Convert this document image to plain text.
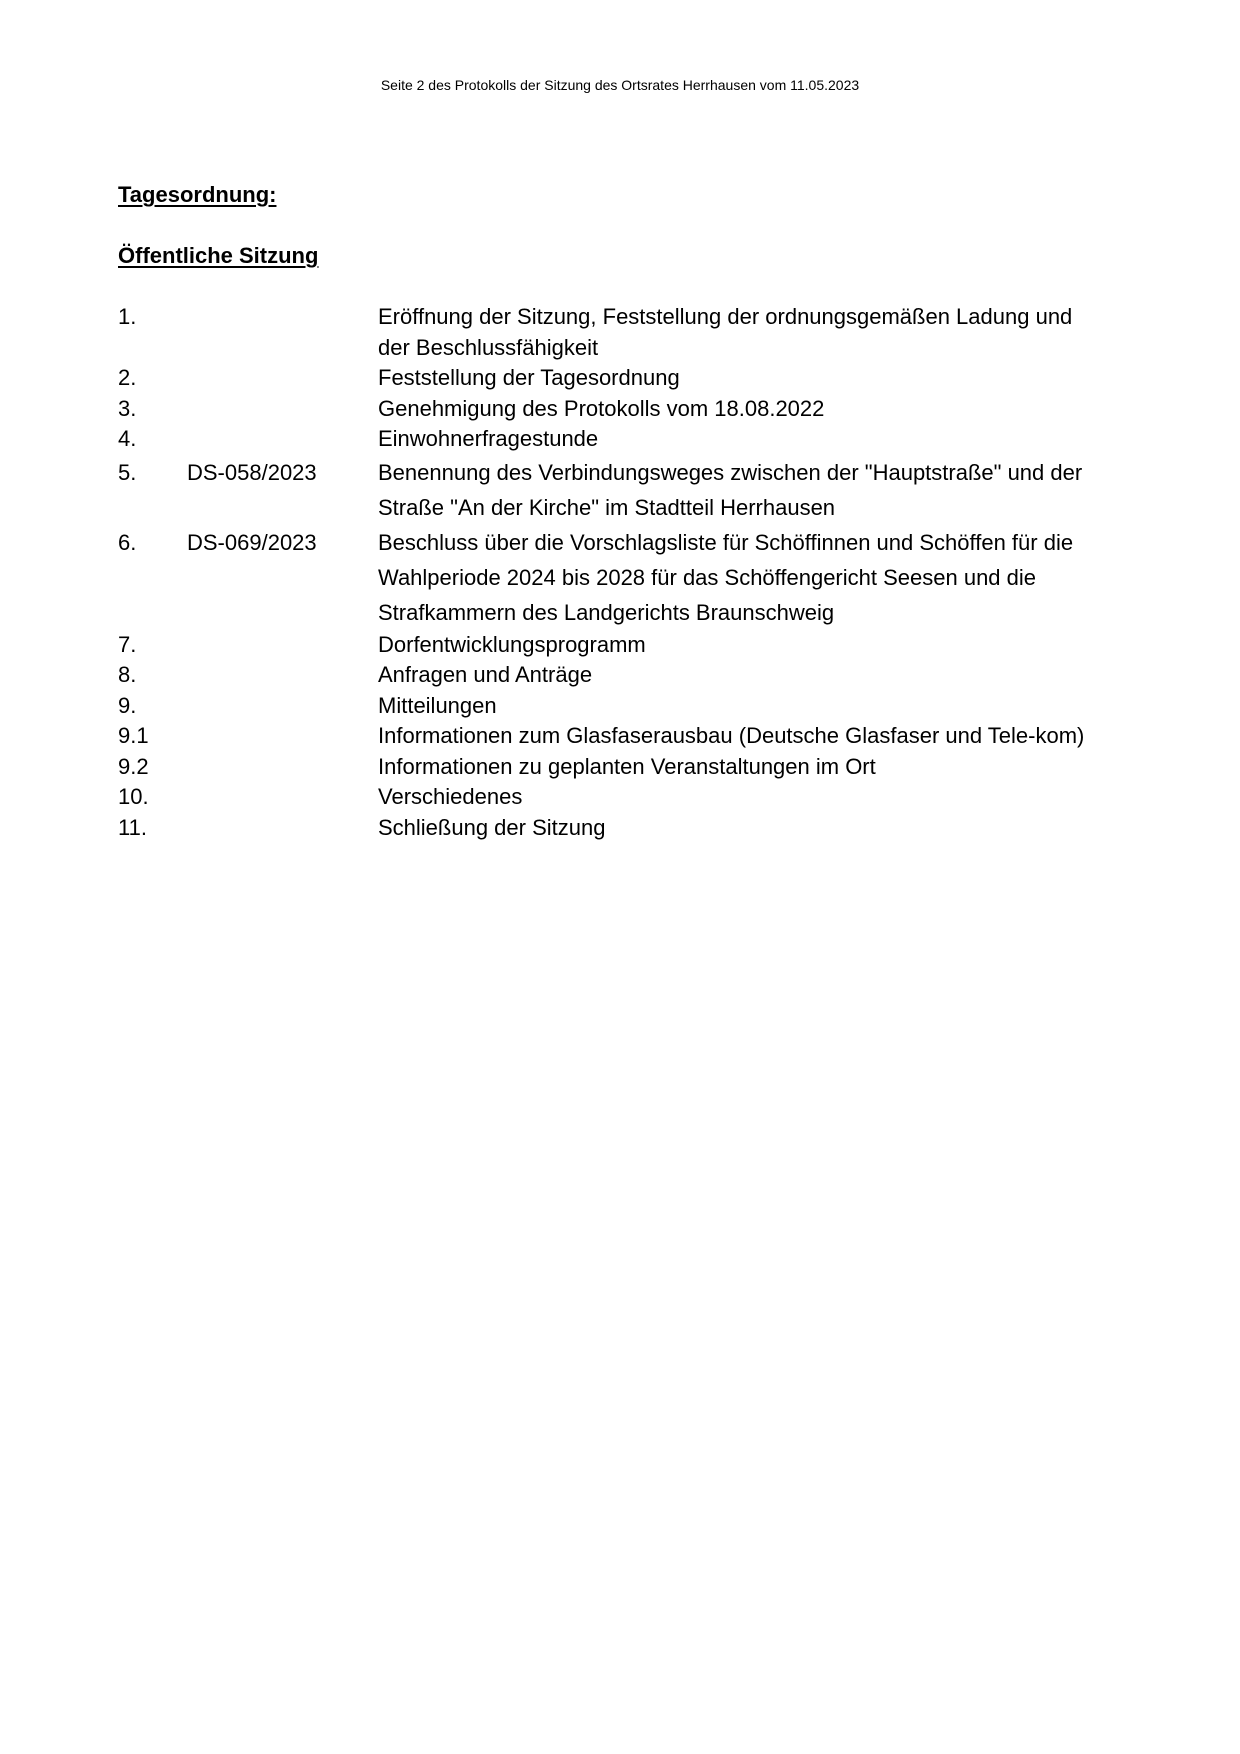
Seite 2 des Protokolls der Sitzung des Ortsrates Herrhausen vom 11.05.2023
Tagesordnung:
Öffentliche Sitzung
1.	Eröffnung der Sitzung, Feststellung der ordnungsgemäßen Ladung und der Beschlussfähigkeit
2.	Feststellung der Tagesordnung
3.	Genehmigung des Protokolls vom 18.08.2022
4.	Einwohnerfragestunde
5.	DS-058/2023	Benennung des Verbindungsweges zwischen der "Hauptstraße" und der Straße "An der Kirche" im Stadtteil Herrhausen
6.	DS-069/2023	Beschluss über die Vorschlagsliste für Schöffinnen und Schöffen für die Wahlperiode 2024 bis 2028 für das Schöffengericht Seesen und die Strafkammern des Landgerichts Braunschweig
7.	Dorfentwicklungsprogramm
8.	Anfragen und Anträge
9.	Mitteilungen
9.1	Informationen zum Glasfaserausbau (Deutsche Glasfaser und Tele-kom)
9.2	Informationen zu geplanten Veranstaltungen im Ort
10.	Verschiedenes
11.	Schließung der Sitzung
